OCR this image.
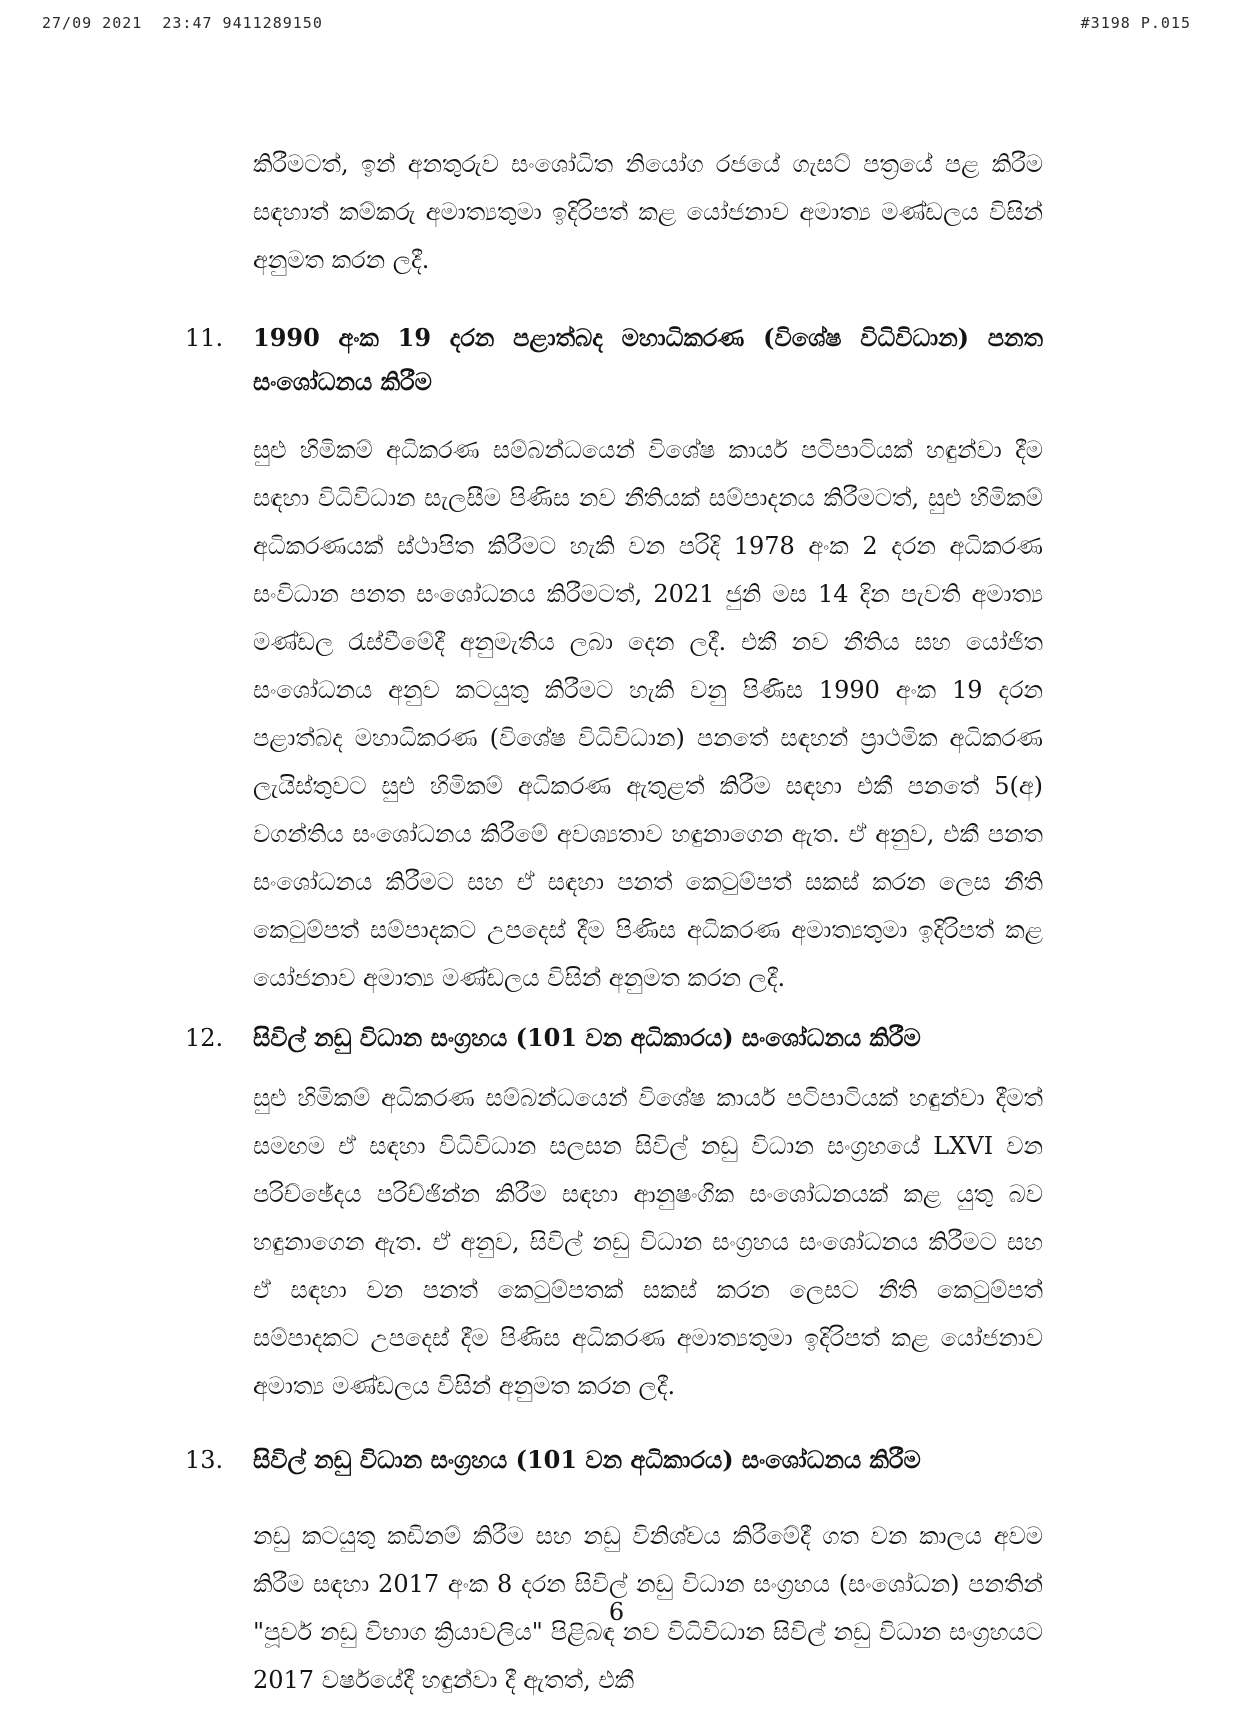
27/09 2021  23:47 9411289150	#3198 P.015

කිරීමටත්, ඉන් අනතුරුව සංශෝධිත නියෝග රජයේ ගැසට් පත්‍රයේ පළ කිරීම සඳහාත් කම්කරු අමාත්‍යතුමා ඉදිරිපත් කළ යෝජනාව අමාත්‍ය මණ්ඩලය විසින් අනුමත කරන ලදී.

11. 1990 අංක 19 දරන පළාත්බද මහාධිකරණ (විශේෂ විධිවිධාන) පනත සංශෝධනය කිරීම

සුළු හිමිකම් අධිකරණ සම්බන්ධයෙන් විශේෂ කාර්ය පටිපාටියක් හඳුන්වා දීම සඳහා විධිවිධාන සැලසීම පිණිස නව නීතියක් සම්පාදනය කිරීමටත්, සුළු හිමිකම් අධිකරණයක් ස්ථාපිත කිරීමට හැකි වන පරිදි 1978 අංක 2 දරන අධිකරණ සංවිධාන පනත සංශෝධනය කිරීමටත්, 2021 ජුනි මස 14 දින පැවති අමාත්‍ය මණ්ඩල රැස්වීමේදී අනුමැතිය ලබා දෙන ලදී. එකී නව නීතිය සහ යෝජිත සංශෝධනය අනුව කටයුතු කිරීමට හැකි වනු පිණිස 1990 අංක 19 දරන පළාත්බද මහාධිකරණ (විශේෂ විධිවිධාන) පනතේ සඳහන් ප්‍රාථමික අධිකරණ ලැයිස්තුවට සුළු හිමිකම් අධිකරණ ඇතුළත් කිරීම සඳහා එකී පනතේ 5(අ) වගන්තිය සංශෝධනය කිරීමේ අවශ්‍යතාව හඳුනාගෙන ඇත. ඒ අනුව, එකී පනත සංශෝධනය කිරීමට සහ ඒ සඳහා පනත් කෙටුම්පත් සකස් කරන ලෙස නීති කෙටුම්පත් සම්පාදකට උපදෙස් දීම පිණිස අධිකරණ අමාත්‍යතුමා ඉදිරිපත් කළ යෝජනාව අමාත්‍ය මණ්ඩලය විසින් අනුමත කරන ලදී.

12. සිවිල් නඩු විධාන සංග්‍රහය (101 වන අධිකාරය) සංශෝධනය කිරීම

සුළු හිමිකම් අධිකරණ සම්බන්ධයෙන් විශේෂ කාර්ය පටිපාටියක් හඳුන්වා දීමත් සමඟම ඒ සඳහා විධිවිධාන සලසන සිවිල් නඩු විධාන සංග්‍රහයේ LXVI වන පරිච්ඡේදය පරිච්ඡින්න කිරීම සඳහා ආනුෂංගික සංශෝධනයක් කළ යුතු බව හඳුනාගෙන ඇත. ඒ අනුව, සිවිල් නඩු විධාන සංග්‍රහය සංශෝධනය කිරීමට සහ ඒ සඳහා වන පනත් කෙටුම්පතක් සකස් කරන ලෙසට නීති කෙටුම්පත් සම්පාදකට උපදෙස් දීම පිණිස අධිකරණ අමාත්‍යතුමා ඉදිරිපත් කළ යෝජනාව අමාත්‍ය මණ්ඩලය විසින් අනුමත කරන ලදී.

13. සිවිල් නඩු විධාන සංග්‍රහය (101 වන අධිකාරය) සංශෝධනය කිරීම

නඩු කටයුතු කඩිනම් කිරීම සහ නඩු විනිශ්චය කිරීමේදී ගත වන කාලය අවම කිරීම සඳහා 2017 අංක 8 දරන සිවිල් නඩු විධාන සංග්‍රහය (සංශෝධන) පනතින් "පූර්ව නඩු විභාග ක්‍රියාවලිය" පිළිබඳ නව විධිවිධාන සිවිල් නඩු විධාන සංග්‍රහයට 2017 වර්ෂයේදී හඳුන්වා දී ඇතත්, එකී

6
